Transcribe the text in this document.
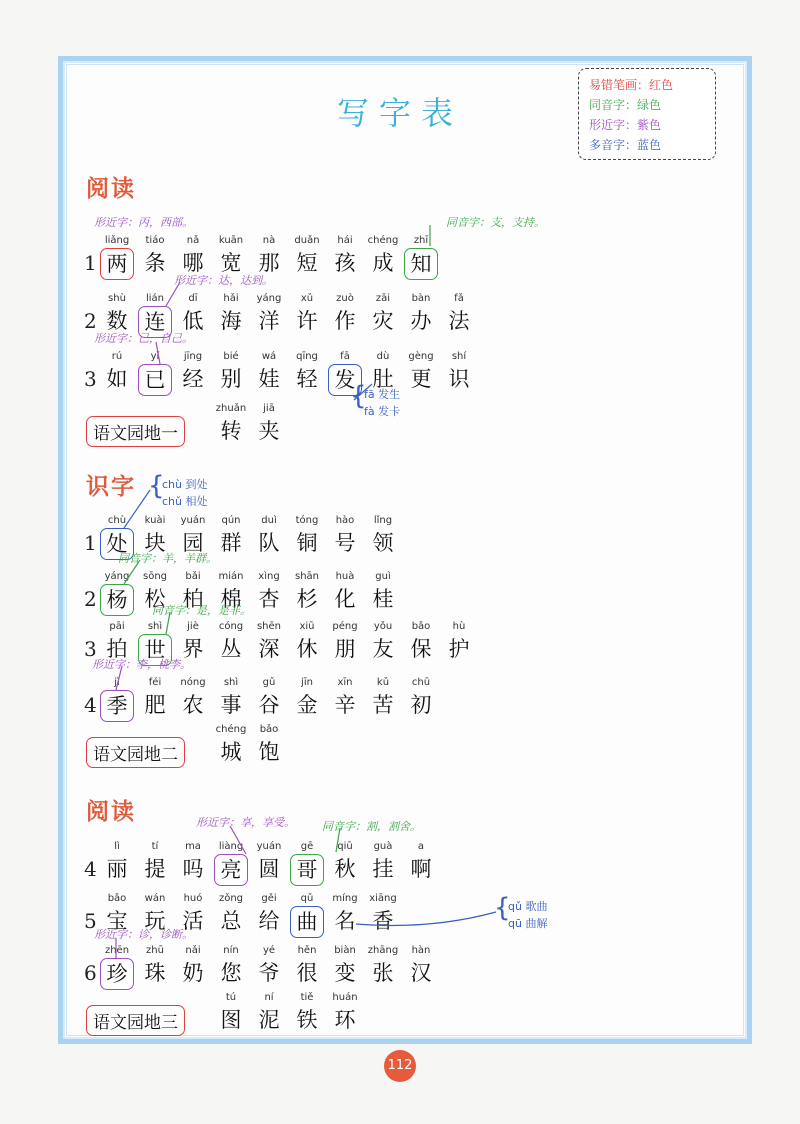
写字表
易错笔画：红色
同音字：绿色
形近字：紫色
多音字：蓝色
阅读
识字
阅读
1
liǎng
两
tiáo
条
nǎ
哪
kuān
宽
nà
那
duǎn
短
hái
孩
chéng
成
zhī
知
2
shù
数
lián
连
dī
低
hǎi
海
yáng
洋
xǔ
许
zuò
作
zāi
灾
bàn
办
fǎ
法
3
rú
如
yǐ
已
jīng
经
bié
别
wá
娃
qīng
轻
fā
发
dù
肚
gèng
更
shí
识
1
chù
处
kuài
块
yuán
园
qún
群
duì
队
tóng
铜
hào
号
lǐng
领
2
yáng
杨
sōng
松
bǎi
柏
mián
棉
xìng
杏
shān
杉
huà
化
guì
桂
3
pāi
拍
shì
世
jiè
界
cóng
丛
shēn
深
xiū
休
péng
朋
yǒu
友
bǎo
保
hù
护
4
jì
季
féi
肥
nóng
农
shì
事
gǔ
谷
jīn
金
xīn
辛
kǔ
苦
chū
初
4
lì
丽
tí
提
ma
吗
liàng
亮
yuán
圆
gē
哥
qiū
秋
guà
挂
a
啊
5
bǎo
宝
wán
玩
huó
活
zǒng
总
gěi
给
qǔ
曲
míng
名
xiāng
香
6
zhēn
珍
zhū
珠
nǎi
奶
nín
您
yé
爷
hěn
很
biàn
变
zhāng
张
hàn
汉
语文园地一
zhuǎn
转
jiā
夹
语文园地二
chéng
城
bǎo
饱
语文园地三
tú
图
ní
泥
tiě
铁
huán
环
形近字：丙，西部。	同音字：支，支持。
形近字：达，达到。
形近字：己，自己。
{
fā 发生
fà 发卡
{
chù 到处
chǔ 相处
同音字：羊，羊群。
同音字：是，是非。
形近字：李，桃李。
形近字：享，享受。 同音字：割，割舍。
{
qǔ 歌曲
qū 曲解
形近字：诊，诊断。
112
